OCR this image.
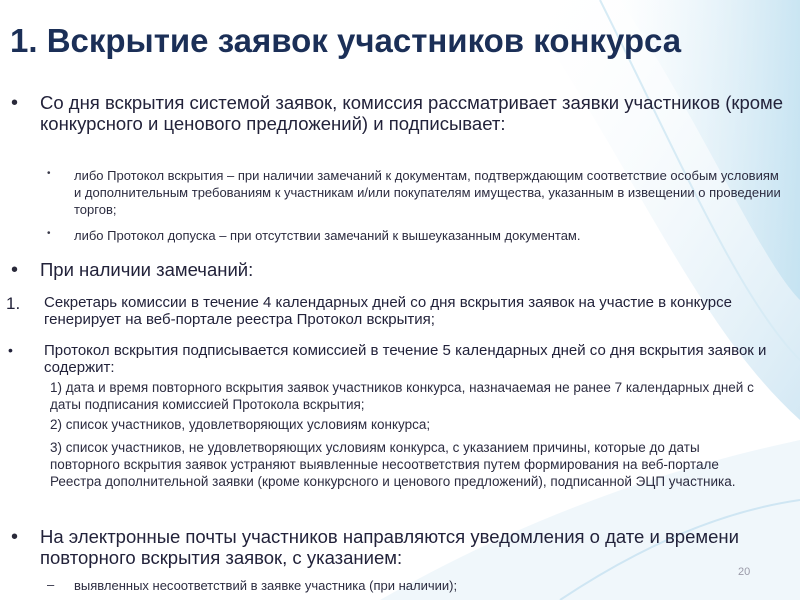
1. Вскрытие заявок участников конкурса
• Со дня вскрытия системой заявок, комиссия рассматривает заявки участников (кроме конкурсного и ценового предложений) и подписывает:
• либо Протокол вскрытия – при наличии замечаний к документам, подтверждающим соответствие особым условиям и дополнительным требованиям к участникам и/или покупателям имущества, указанным в извещении о проведении торгов;
• либо Протокол допуска – при отсутствии замечаний к вышеуказанным документам.
• При наличии замечаний:
1. Секретарь комиссии в течение 4 календарных дней со дня вскрытия заявок на участие в конкурсе генерирует на веб-портале реестра Протокол вскрытия;
• Протокол вскрытия подписывается комиссией в течение 5 календарных дней со дня вскрытия заявок и содержит:
1) дата и время повторного вскрытия заявок участников конкурса, назначаемая не ранее 7 календарных дней с даты подписания комиссией Протокола вскрытия;
2) список участников, удовлетворяющих условиям конкурса;
3) список участников, не удовлетворяющих условиям конкурса, с указанием причины, которые до даты повторного вскрытия заявок устраняют выявленные несоответствия путем формирования на веб-портале Реестра дополнительной заявки (кроме конкурсного и ценового предложений), подписанной ЭЦП участника.
• На электронные почты участников направляются уведомления о дате и времени повторного вскрытия заявок, с указанием:
– выявленных несоответствий в заявке участника (при наличии);
20
